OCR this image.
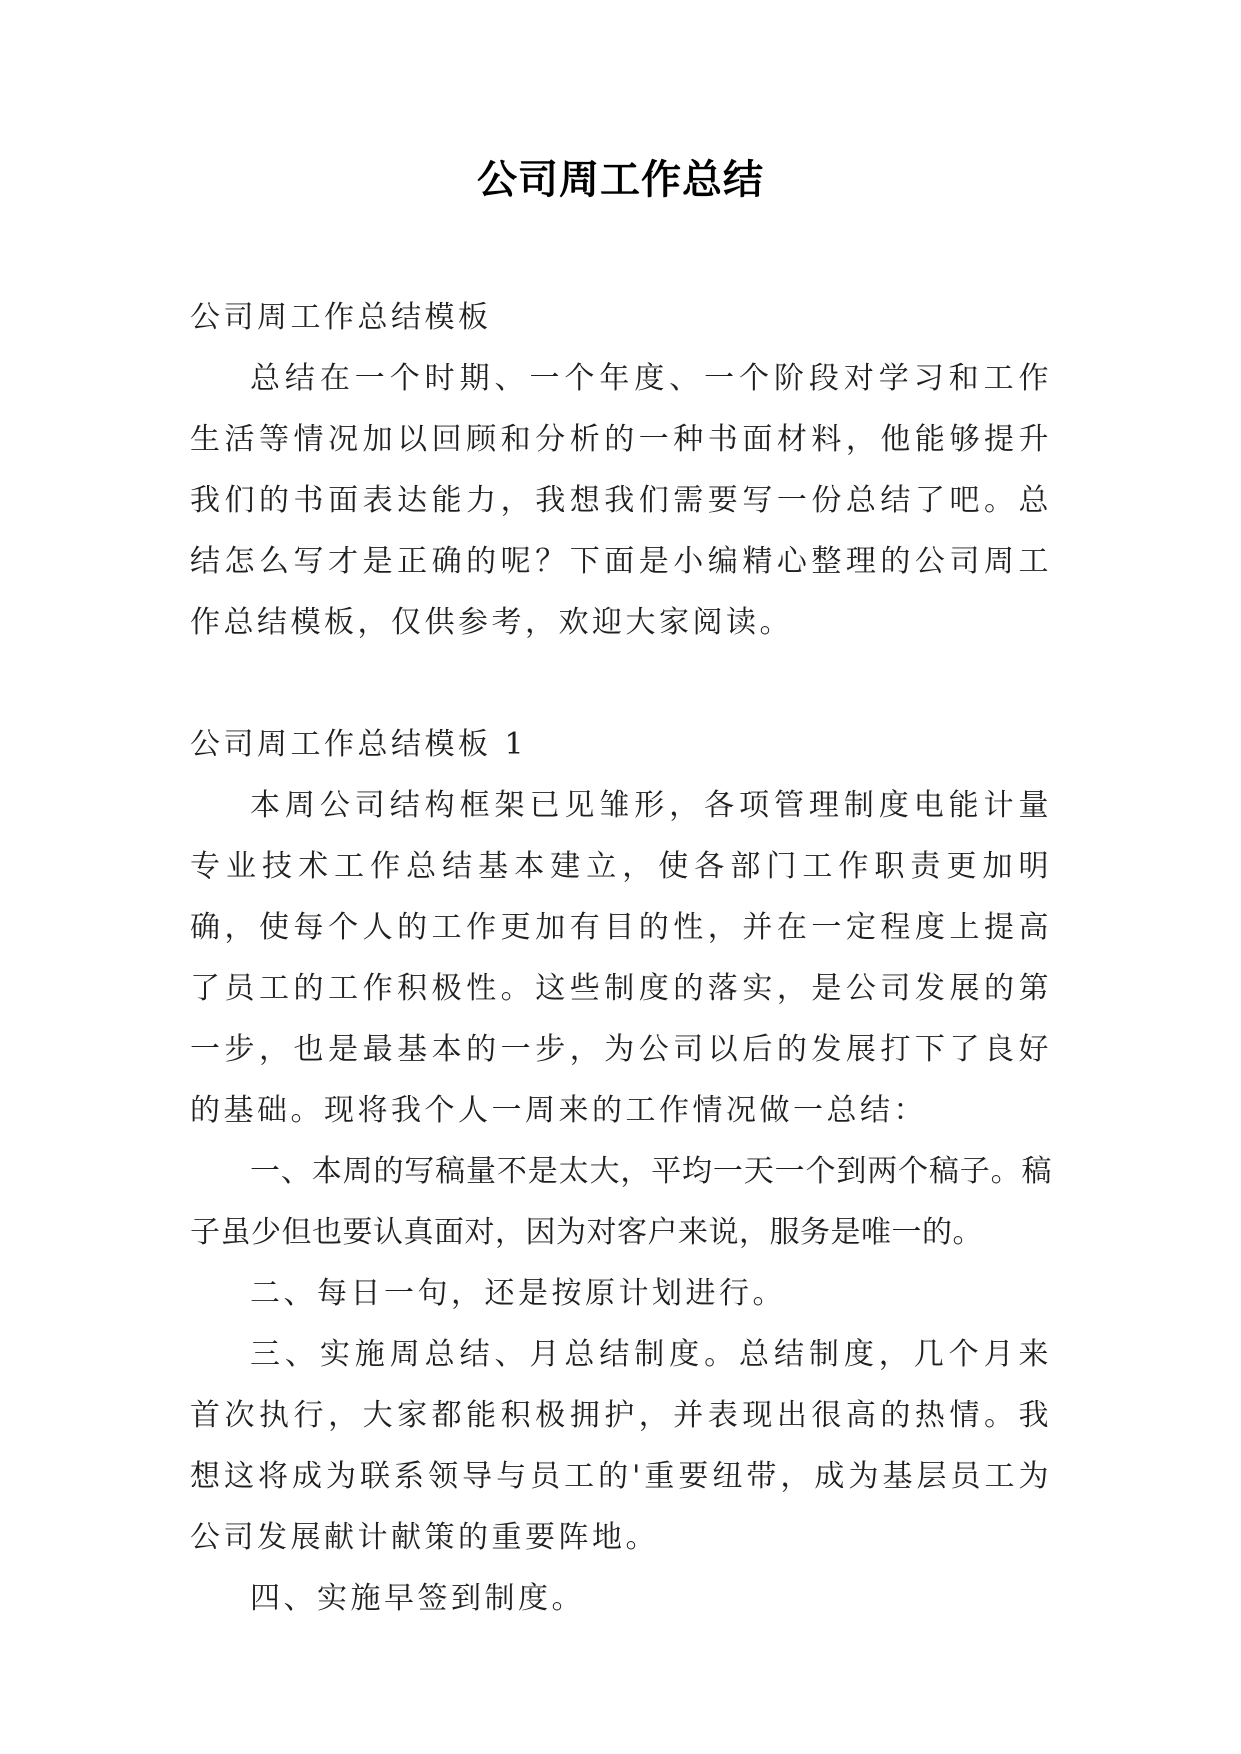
公司周工作总结

公司周工作总结模板

总结在一个时期、一个年度、一个阶段对学习和工作生活等情况加以回顾和分析的一种书面材料，他能够提升我们的书面表达能力，我想我们需要写一份总结了吧。总结怎么写才是正确的呢？下面是小编精心整理的公司周工作总结模板，仅供参考，欢迎大家阅读。

公司周工作总结模板 1

本周公司结构框架已见雏形，各项管理制度电能计量专业技术工作总结基本建立，使各部门工作职责更加明确，使每个人的工作更加有目的性，并在一定程度上提高了员工的工作积极性。这些制度的落实，是公司发展的第一步，也是最基本的一步，为公司以后的发展打下了良好的基础。现将我个人一周来的工作情况做一总结：

一、本周的写稿量不是太大，平均一天一个到两个稿子。稿子虽少但也要认真面对，因为对客户来说，服务是唯一的。

二、每日一句，还是按原计划进行。

三、实施周总结、月总结制度。总结制度，几个月来首次执行，大家都能积极拥护，并表现出很高的热情。我想这将成为联系领导与员工的'重要纽带，成为基层员工为公司发展献计献策的重要阵地。

四、实施早签到制度。
